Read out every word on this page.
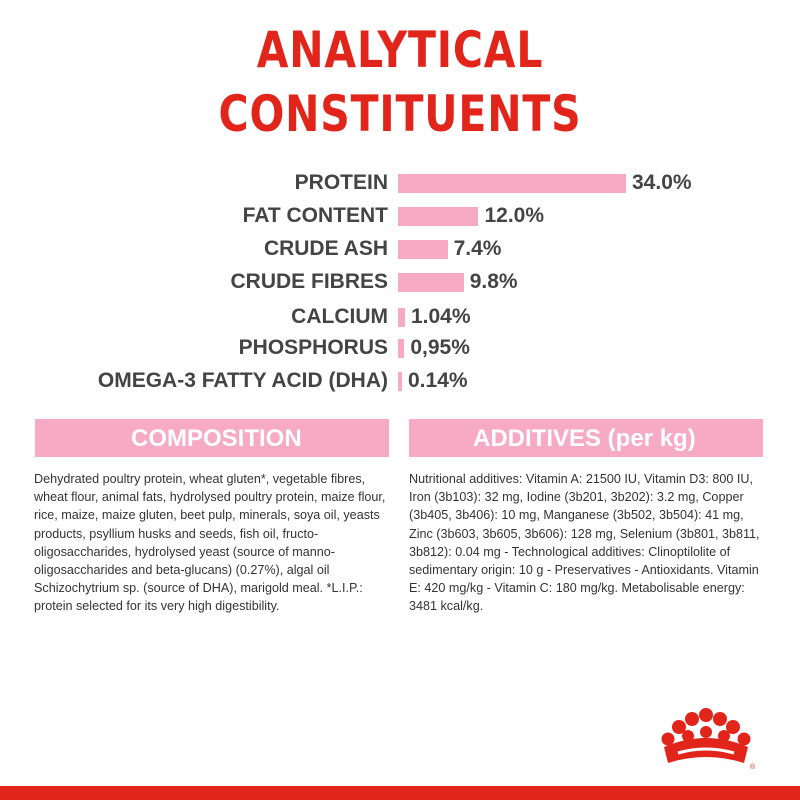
ANALYTICAL
CONSTITUENTS
PROTEIN	34.0%
FAT CONTENT	12.0%
CRUDE ASH	7.4%
CRUDE FIBRES	9.8%
CALCIUM 1.04%
PHOSPHORUS 0,95%
OMEGA-3 FATTY ACID (DHA) 0.14%
COMPOSITION	ADDITIVES (per kg)
Dehydrated poultry protein, wheat gluten*, vegetable fibres, wheat flour, animal fats, hydrolysed poultry protein, maize flour, rice, maize, maize gluten, beet pulp, minerals, soya oil, yeasts products, psyllium husks and seeds, fish oil, fructo-oligosaccharides, hydrolysed yeast (source of manno-oligosaccharides and beta-glucans) (0.27%), algal oil Schizochytrium sp. (source of DHA), marigold meal. *L.I.P.: protein selected for its very high digestibility.
Nutritional additives: Vitamin A: 21500 IU, Vitamin D3: 800 IU, Iron (3b103): 32 mg, Iodine (3b201, 3b202): 3.2 mg, Copper (3b405, 3b406): 10 mg, Manganese (3b502, 3b504): 41 mg, Zinc (3b603, 3b605, 3b606): 128 mg, Selenium (3b801, 3b811, 3b812): 0.04 mg - Technological additives: Clinoptilolite of sedimentary origin: 10 g - Preservatives - Antioxidants. Vitamin E: 420 mg/kg - Vitamin C: 180 mg/kg. Metabolisable energy: 3481 kcal/kg.
®
